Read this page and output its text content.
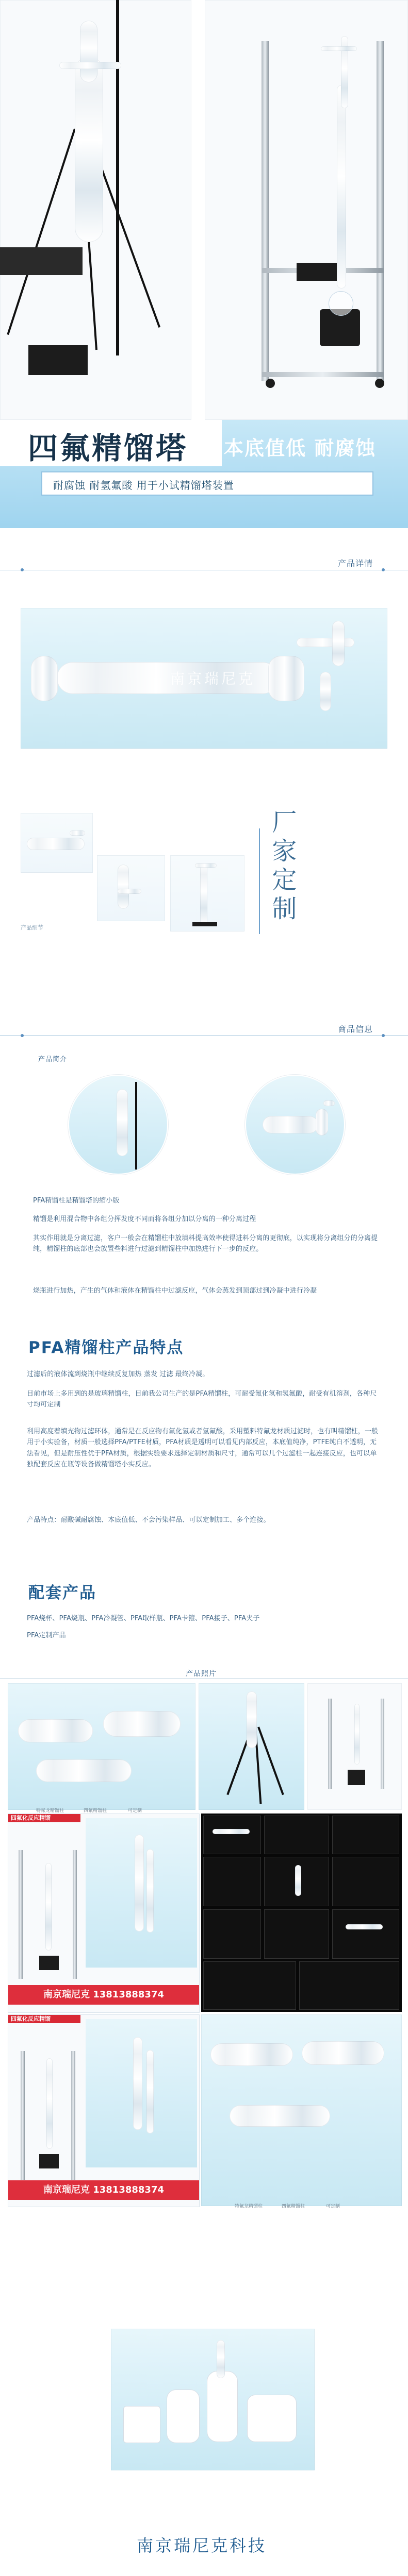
四氟精馏塔 本底值低 耐腐蚀
耐腐蚀 耐氢氟酸 用于小试精馏塔装置
产品详情
南京瑞尼克
产品细节
厂家定制
商品信息
产品简介
PFA精馏柱是精馏塔的缩小版
精馏是利用混合物中各组分挥发度不同而将各组分加以分离的一种分离过程
其实作用就是分离过滤，客户一般会在精馏柱中放填料提高效率使得进料分离的更彻底，以实现将分离组分的分离提纯，精馏柱的底部也会放置些料进行过滤到精馏柱中加热进行下一步的反应。
烧瓶进行加热，产生的气体和液体在精馏柱中过滤反应，气体会蒸发到顶部过到冷凝中进行冷凝
PFA精馏柱产品特点
过滤后的液体流到烧瓶中继续反复加热 蒸发 过滤 最终冷凝。
目前市场上多用到的是玻璃精馏柱，目前我公司生产的是PFA精馏柱，可耐受氟化氢和氢氟酸，耐受有机溶剂，各种尺寸均可定制
利用高度着填充物过滤环体，通常是在反应物有氟化氢或者氢氟酸，采用塑料特氟龙材质过滤时，也有叫精馏柱，一般用于小实验备，材质一般选择PFA/PTFE材质，PFA材质是透明可以看见内部反应，本底值纯净，PTFE纯白不透明，无法看见，但是耐压性优于PFA材质，根据实验要求选择定制材质和尺寸，通常可以几个过滤柱一起连接反应，也可以单独配套反应在瓶等设备做精馏塔小实反应。
产品特点：耐酸碱耐腐蚀、本底值低、不会污染样品、可以定制加工、多个连接。
配套产品
PFA烧杯、PFA烧瓶、PFA冷凝管、PFA取样瓶、PFA卡箍、PFA接子、PFA夹子
PFA定制产品
产品照片
特氟龙精馏柱	四氟精馏柱	可定制
四氟化反应精馏
南京瑞尼克 13813888374
四氟化反应精馏
南京瑞尼克 13813888374
特氟龙精馏柱	四氟精馏柱	可定制
南京瑞尼克科技
